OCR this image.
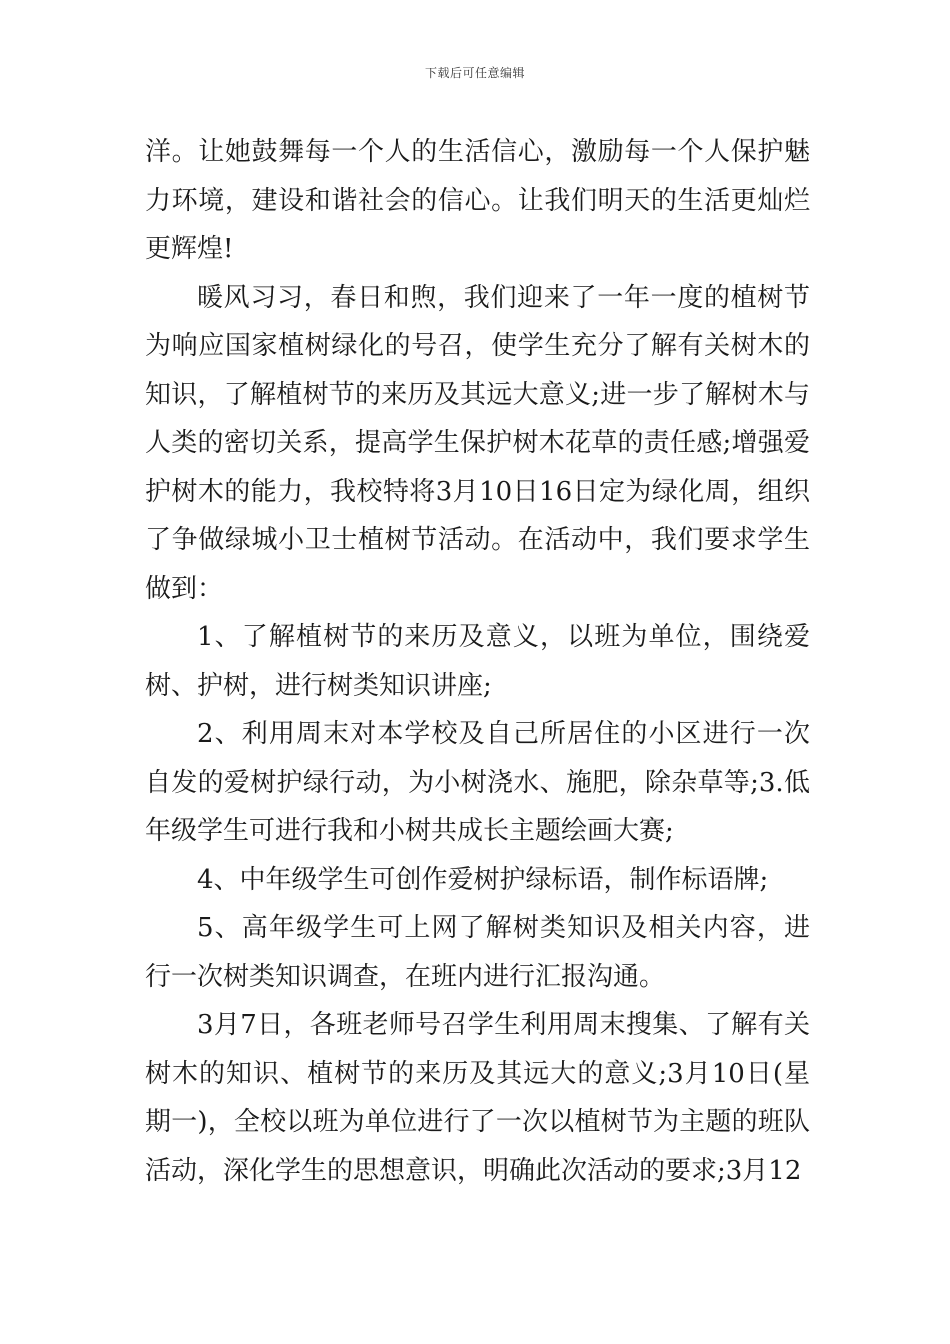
下载后可任意编辑

洋。让她鼓舞每一个人的生活信心，激励每一个人保护魅力环境，建设和谐社会的信心。让我们明天的生活更灿烂更辉煌!

暖风习习，春日和煦，我们迎来了一年一度的植树节为响应国家植树绿化的号召，使学生充分了解有关树木的知识，了解植树节的来历及其远大意义;进一步了解树木与人类的密切关系，提高学生保护树木花草的责任感;增强爱护树木的能力，我校特将3月10日16日定为绿化周，组织了争做绿城小卫士植树节活动。在活动中，我们要求学生做到：

1、了解植树节的来历及意义，以班为单位，围绕爱树、护树，进行树类知识讲座;

2、利用周末对本学校及自己所居住的小区进行一次自发的爱树护绿行动，为小树浇水、施肥，除杂草等;3.低年级学生可进行我和小树共成长主题绘画大赛;

4、中年级学生可创作爱树护绿标语，制作标语牌;

5、高年级学生可上网了解树类知识及相关内容，进行一次树类知识调查，在班内进行汇报沟通。

3月7日，各班老师号召学生利用周末搜集、了解有关树木的知识、植树节的来历及其远大的意义;3月10日(星期一)，全校以班为单位进行了一次以植树节为主题的班队活动，深化学生的思想意识，明确此次活动的要求;3月12
